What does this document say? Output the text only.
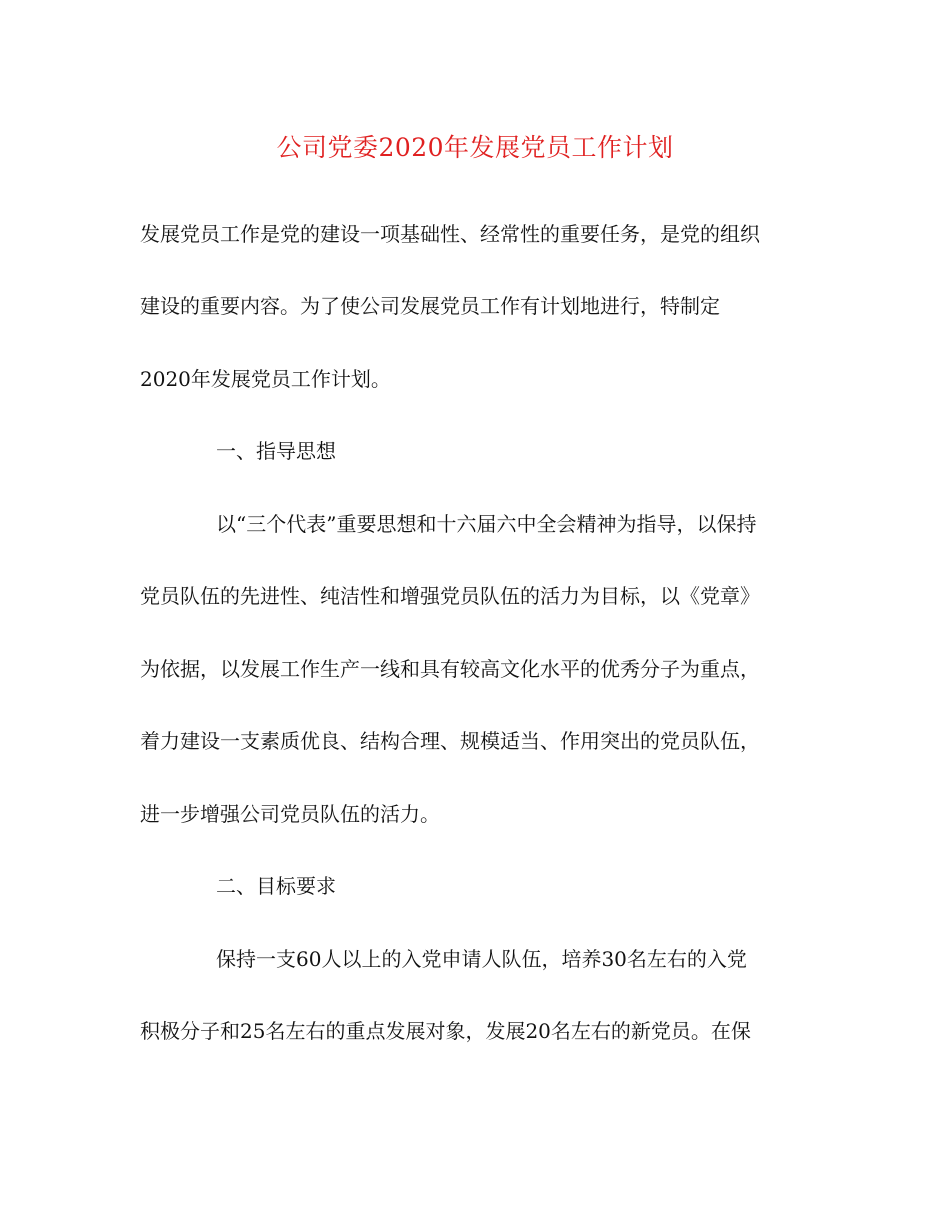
公司党委2020年发展党员工作计划
发展党员工作是党的建设一项基础性、经常性的重要任务，是党的组织
建设的重要内容。为了使公司发展党员工作有计划地进行，特制定
2020年发展党员工作计划。
一、指导思想
以“三个代表”重要思想和十六届六中全会精神为指导，以保持
党员队伍的先进性、纯洁性和增强党员队伍的活力为目标，以《党章》
为依据，以发展工作生产一线和具有较高文化水平的优秀分子为重点，
着力建设一支素质优良、结构合理、规模适当、作用突出的党员队伍，
进一步增强公司党员队伍的活力。
二、目标要求
保持一支60人以上的入党申请人队伍，培养30名左右的入党
积极分子和25名左右的重点发展对象，发展20名左右的新党员。在保
